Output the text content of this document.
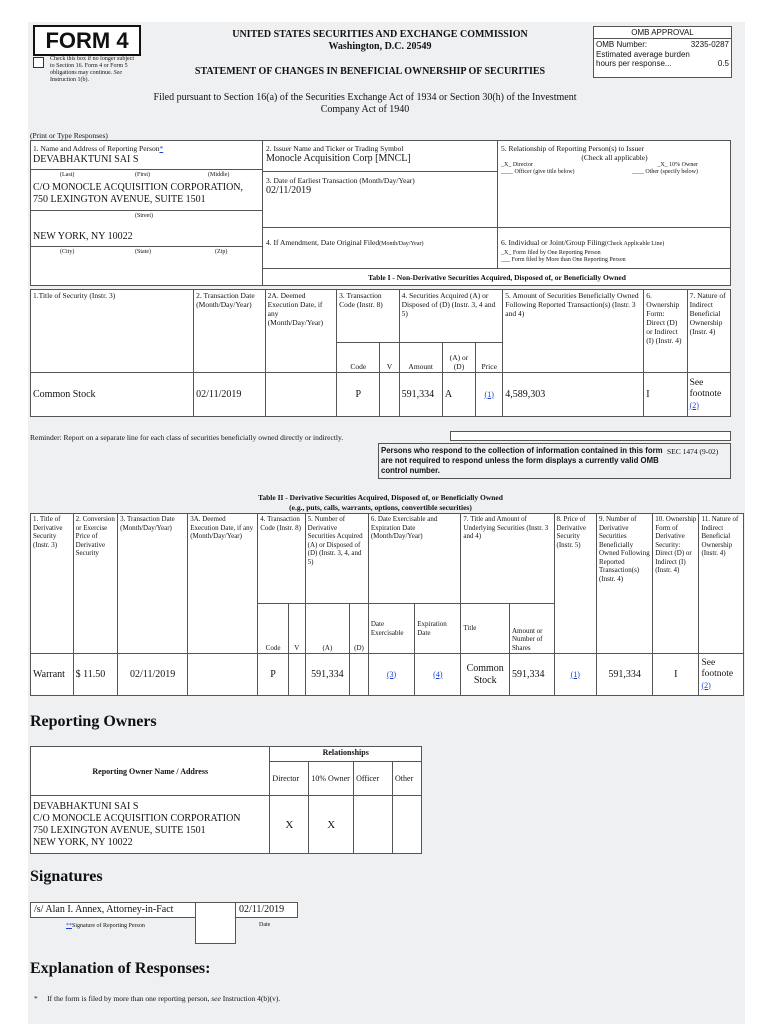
FORM 4
Check this box if no longer subject to Section 16. Form 4 or Form 5 obligations may continue. See Instruction 1(b).
UNITED STATES SECURITIES AND EXCHANGE COMMISSION
Washington, D.C. 20549
STATEMENT OF CHANGES IN BENEFICIAL OWNERSHIP OF SECURITIES
Filed pursuant to Section 16(a) of the Securities Exchange Act of 1934 or Section 30(h) of the Investment Company Act of 1940
OMB APPROVAL
OMB Number:	3235-0287
Estimated average burden
hours per response...	0.5
(Print or Type Responses)
1. Name and Address of Reporting Person*
DEVABHAKTUNI SAI S
(Last)	(First)	(Middle)
C/O MONOCLE ACQUISITION CORPORATION, 750 LEXINGTON AVENUE, SUITE 1501
(Street)
NEW YORK, NY 10022
(City)	(State)	(Zip)
2. Issuer Name and Ticker or Trading Symbol
Monocle Acquisition Corp [MNCL]
3. Date of Earliest Transaction (Month/Day/Year)
02/11/2019
4. If Amendment, Date Original Filed(Month/Day/Year)
5. Relationship of Reporting Person(s) to Issuer
(Check all applicable)
_X_ Director	_X_ 10% Owner
____ Officer (give title below)	____ Other (specify below)
6. Individual or Joint/Group Filing(Check Applicable Line)
_X_ Form filed by One Reporting Person
___ Form filed by More than One Reporting Person
Table I - Non-Derivative Securities Acquired, Disposed of, or Beneficially Owned
1.Title of Security (Instr. 3)	2. Transaction Date (Month/Day/Year)	2A. Deemed Execution Date, if any (Month/Day/Year)	3. Transaction Code (Instr. 8)		4. Securities Acquired (A) or Disposed of (D) (Instr. 3, 4 and 5)			5. Amount of Securities Beneficially Owned Following Reported Transaction(s) (Instr. 3 and 4)	6. Ownership Form: Direct (D) or Indirect (I) (Instr. 4)	7. Nature of Indirect Beneficial Ownership (Instr. 4)
			Code	V	Amount	(A) or (D)	Price			
Common Stock	02/11/2019		P		591,334	A	(1)	4,589,303	I	See footnote
(2)
Reminder: Report on a separate line for each class of securities beneficially owned directly or indirectly.
Persons who respond to the collection of information contained in this form are not required to respond unless the form displays a currently valid OMB control number.
SEC 1474 (9-02)
Table II - Derivative Securities Acquired, Disposed of, or Beneficially Owned
(e.g., puts, calls, warrants, options, convertible securities)
1. Title of Derivative Security (Instr. 3)	2. Conversion or Exercise Price of Derivative Security	3. Transaction Date (Month/Day/Year)	3A. Deemed Execution Date, if any (Month/Day/Year)	4. Transaction Code (Instr. 8)		5. Number of Derivative Securities Acquired (A) or Disposed of (D) (Instr. 3, 4, and 5)		6. Date Exercisable and Expiration Date (Month/Day/Year)		7. Title and Amount of Underlying Securities (Instr. 3 and 4)		8. Price of Derivative Security (Instr. 5)	9. Number of Derivative Securities Beneficially Owned Following Reported Transaction(s) (Instr. 4)	10. Ownership Form of Derivative Security: Direct (D) or Indirect (I) (Instr. 4)	11. Nature of Indirect Beneficial Ownership (Instr. 4)
				Code	V	(A)	(D)	Date Exercisable	Expiration Date	Title	Amount or Number of Shares				
Warrant	$ 11.50	02/11/2019		P		591,334		(3)	(4)	Common Stock	591,334	(1)	591,334	I	See footnote
(2)
Reporting Owners
Reporting Owner Name / Address	Relationships			
	Director	10% Owner	Officer	Other

DEVABHAKTUNI SAI S
C/O MONOCLE ACQUISITION CORPORATION
750 LEXINGTON AVENUE, SUITE 1501
NEW YORK, NY 10022	X	X		
Signatures
/s/ Alan I. Annex, Attorney-in-Fact	02/11/2019
**Signature of Reporting Person	Date
Explanation of Responses:
* If the form is filed by more than one reporting person, see Instruction 4(b)(v).
